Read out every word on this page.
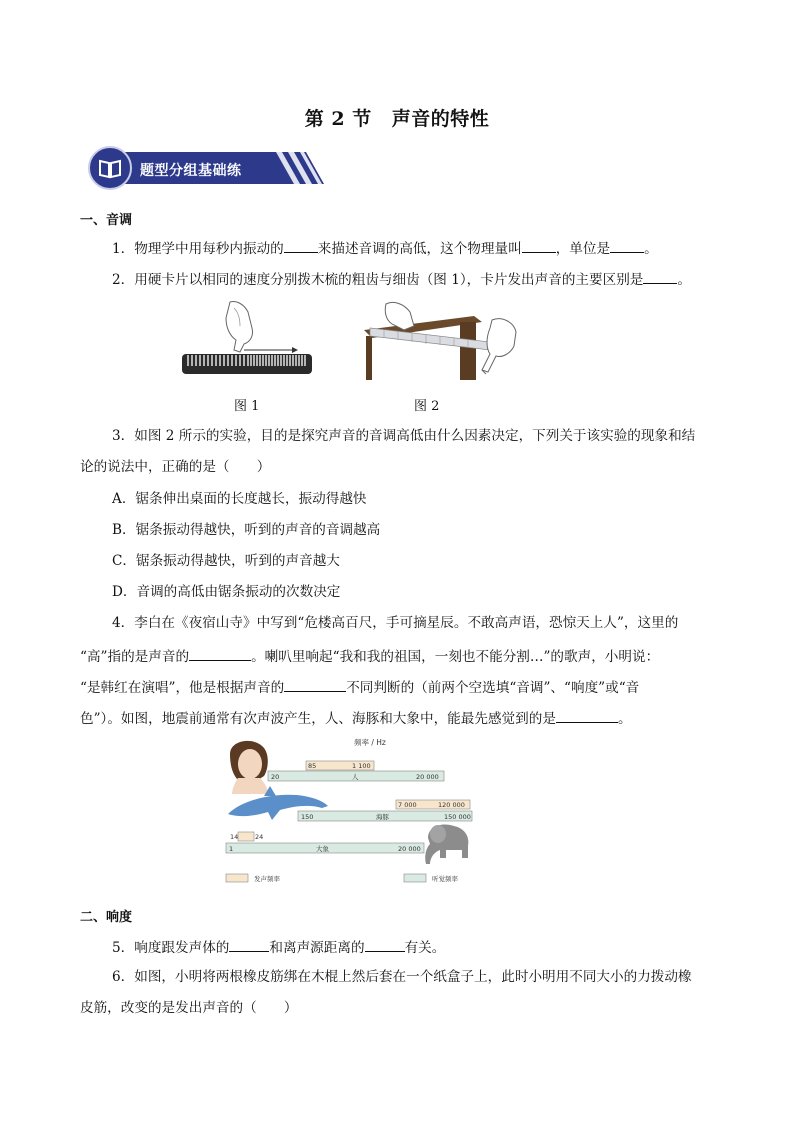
第 2 节 声音的特性
题型分组基础练
一、音调
1．物理学中用每秒内振动的	来描述音调的高低，这个物理量叫	，单位是	。
2．用硬卡片以相同的速度分别拨木梳的粗齿与细齿（图 1），卡片发出声音的主要区别是	。
图 1	图 2
3．如图 2 所示的实验，目的是探究声音的音调高低由什么因素决定，下列关于该实验的现象和结
论的说法中，正确的是（　　）
A．锯条伸出桌面的长度越长，振动得越快
B．锯条振动得越快，听到的声音的音调越高
C．锯条振动得越快，听到的声音越大
D．音调的高低由锯条振动的次数决定
4．李白在《夜宿山寺》中写到“危楼高百尺，手可摘星辰。不敢高声语，恐惊天上人”，这里的
“高”指的是声音的	。喇叭里响起“我和我的祖国，一刻也不能分割…”的歌声，小明说：
“是韩红在演唱”，他是根据声音的	不同判断的（前两个空选填“音调”、“响度”或“音
色”）。如图，地震前通常有次声波产生，人、海豚和大象中，能最先感觉到的是	。
频率 / Hz
85	1 100
20	人	20 000
7 000	120 000
150	海豚	150 000
14	24
1	大象	20 000
发声频率	听觉频率
二、响度
5．响度跟发声体的	和离声源距离的	有关。
6．如图，小明将两根橡皮筋绑在木棍上然后套在一个纸盒子上，此时小明用不同大小的力拨动橡
皮筋，改变的是发出声音的（　　）
